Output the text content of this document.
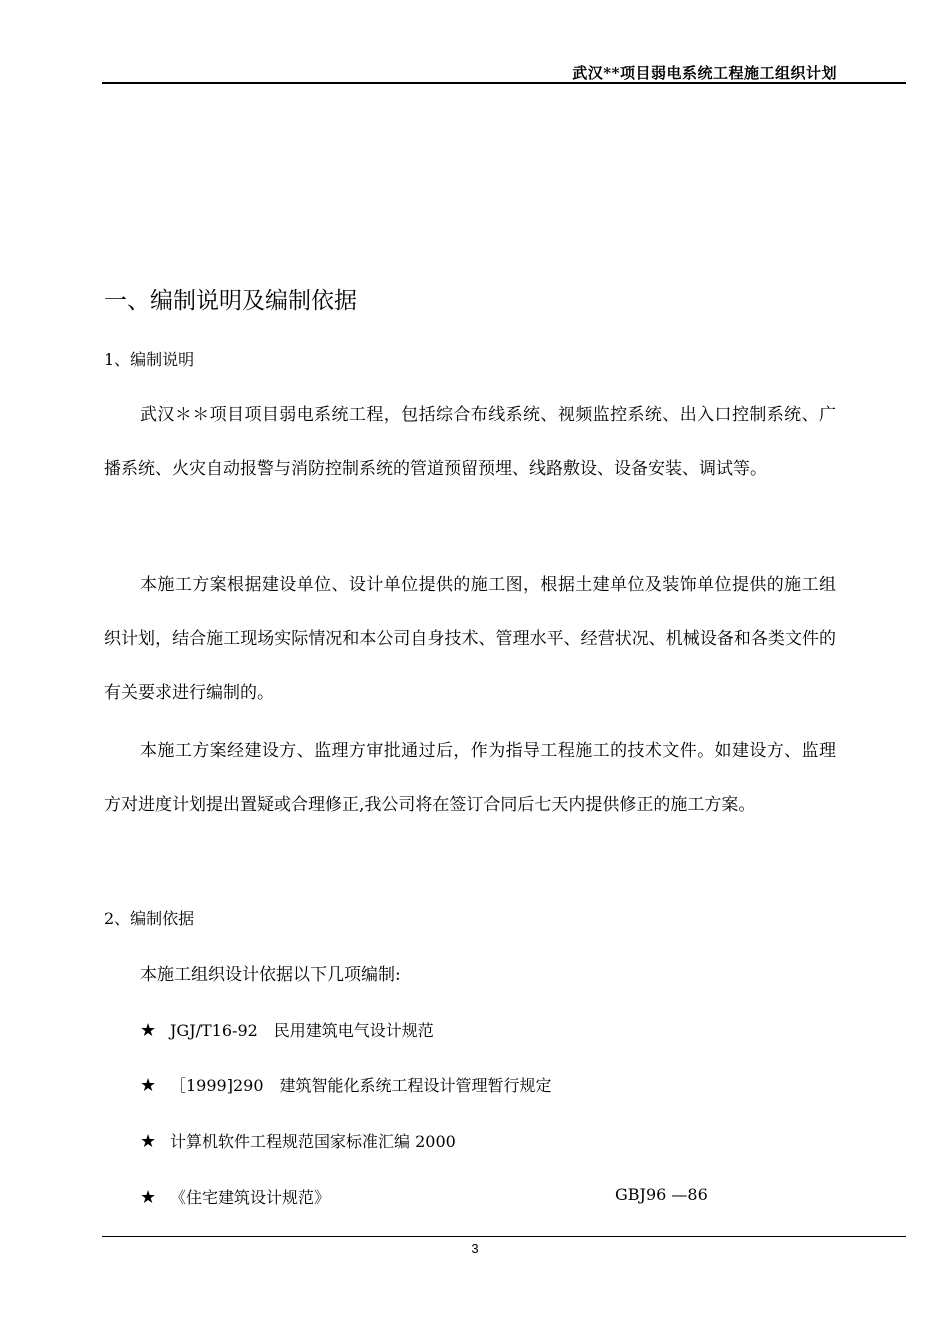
武汉**项目弱电系统工程施工组织计划
一、编制说明及编制依据
1、编制说明

武汉＊＊项目项目弱电系统工程，包括综合布线系统、视频监控系统、出入口控制系统、广播系统、火灾自动报警与消防控制系统的管道预留预埋、线路敷设、设备安装、调试等。

本施工方案根据建设单位、设计单位提供的施工图，根据土建单位及装饰单位提供的施工组织计划，结合施工现场实际情况和本公司自身技术、管理水平、经营状况、机械设备和各类文件的有关要求进行编制的。

本施工方案经建设方、监理方审批通过后，作为指导工程施工的技术文件。如建设方、监理方对进度计划提出置疑或合理修正,我公司将在签订合同后七天内提供修正的施工方案。

2、编制依据
本施工组织设计依据以下几项编制:
★ JGJ/T16-92　民用建筑电气设计规范
★ ［1999]290　建筑智能化系统工程设计管理暂行规定
★ 计算机软件工程规范国家标准汇编 2000
★ 《住宅建筑设计规范》	GBJ96 —86
3
